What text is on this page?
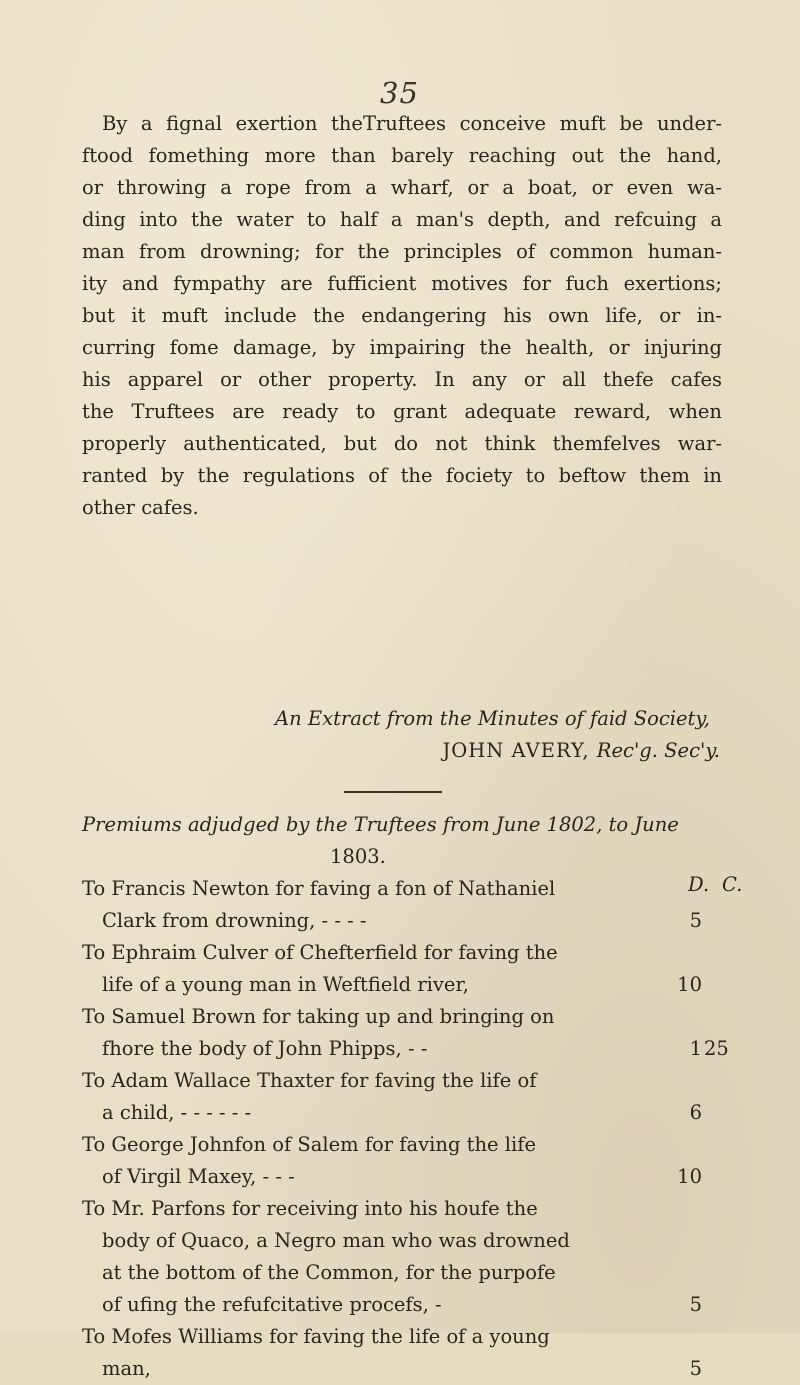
35
By a fignal exertion theTruftees conceive muft be under-
ftood fomething more than barely reaching out the hand,
or throwing a rope from a wharf, or a boat, or even wa-
ding into the water to half a man's depth, and refcuing a
man from drowning; for the principles of common human-
ity and fympathy are fufficient motives for fuch exertions;
but it muft include the endangering his own life, or in-
curring fome damage, by impairing the health, or injuring
his apparel or other property. In any or all thefe cafes
the Truftees are ready to grant adequate reward, when
properly authenticated, but do not think themfelves war-
ranted by the regulations of the fociety to beftow them in
other cafes.
An Extract from the Minutes of faid Society,
JOHN AVERY, Rec'g. Sec'y.
Premiums adjudged by the Truftees from June 1802, to June
1803.
D. C.
To Francis Newton for faving a fon of Nathaniel
Clark from drowning, - - - -	5
To Ephraim Culver of Chefterfield for faving the
life of a young man in Weftfield river,	10
To Samuel Brown for taking up and bringing on
fhore the body of John Phipps, - -	1 25
To Adam Wallace Thaxter for faving the life of
a child, - - - - - -	6
To George Johnfon of Salem for faving the life
of Virgil Maxey, - - -	10
To Mr. Parfons for receiving into his houfe the
body of Quaco, a Negro man who was drowned
at the bottom of the Common, for the purpofe
of ufing the refufcitative procefs, -	5
To Mofes Williams for faving the life of a young
man,	5
